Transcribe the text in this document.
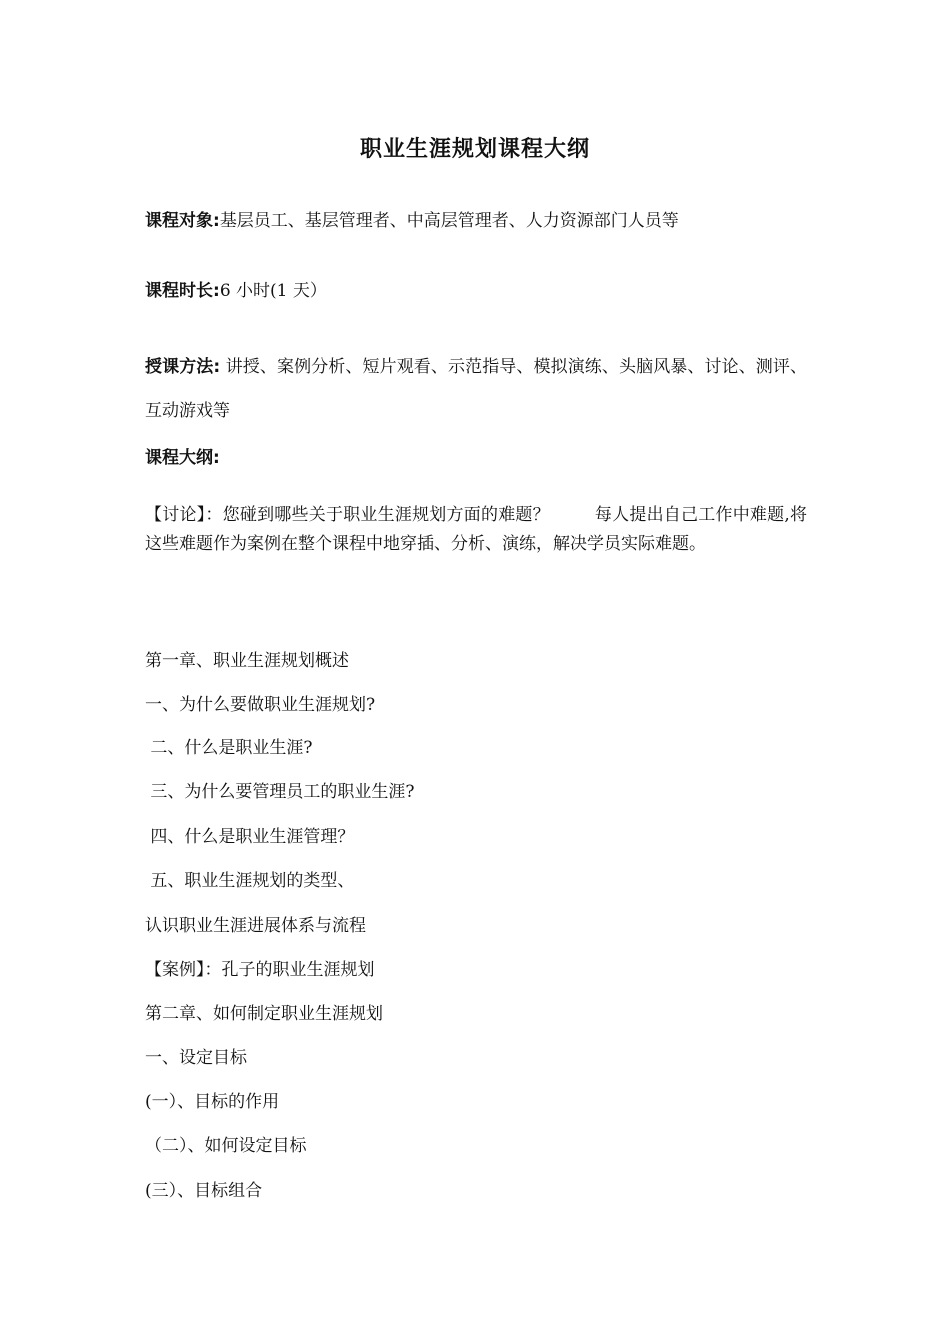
职业生涯规划课程大纲
课程对象:基层员工、基层管理者、中高层管理者、人力资源部门人员等
课程时长:6 小时(1 天）
授课方法: 讲授、案例分析、短片观看、示范指导、模拟演练、头脑风暴、讨论、测评、互动游戏等
课程大纲:
【讨论】：您碰到哪些关于职业生涯规划方面的难题？        每人提出自己工作中难题,将这些难题作为案例在整个课程中地穿插、分析、演练，解决学员实际难题。
第一章、职业生涯规划概述
一、为什么要做职业生涯规划?
二、什么是职业生涯?
三、为什么要管理员工的职业生涯?
四、什么是职业生涯管理？
五、职业生涯规划的类型、
认识职业生涯进展体系与流程
【案例】：孔子的职业生涯规划
第二章、如何制定职业生涯规划
一、设定目标
(一）、目标的作用
（二）、如何设定目标
(三）、目标组合
